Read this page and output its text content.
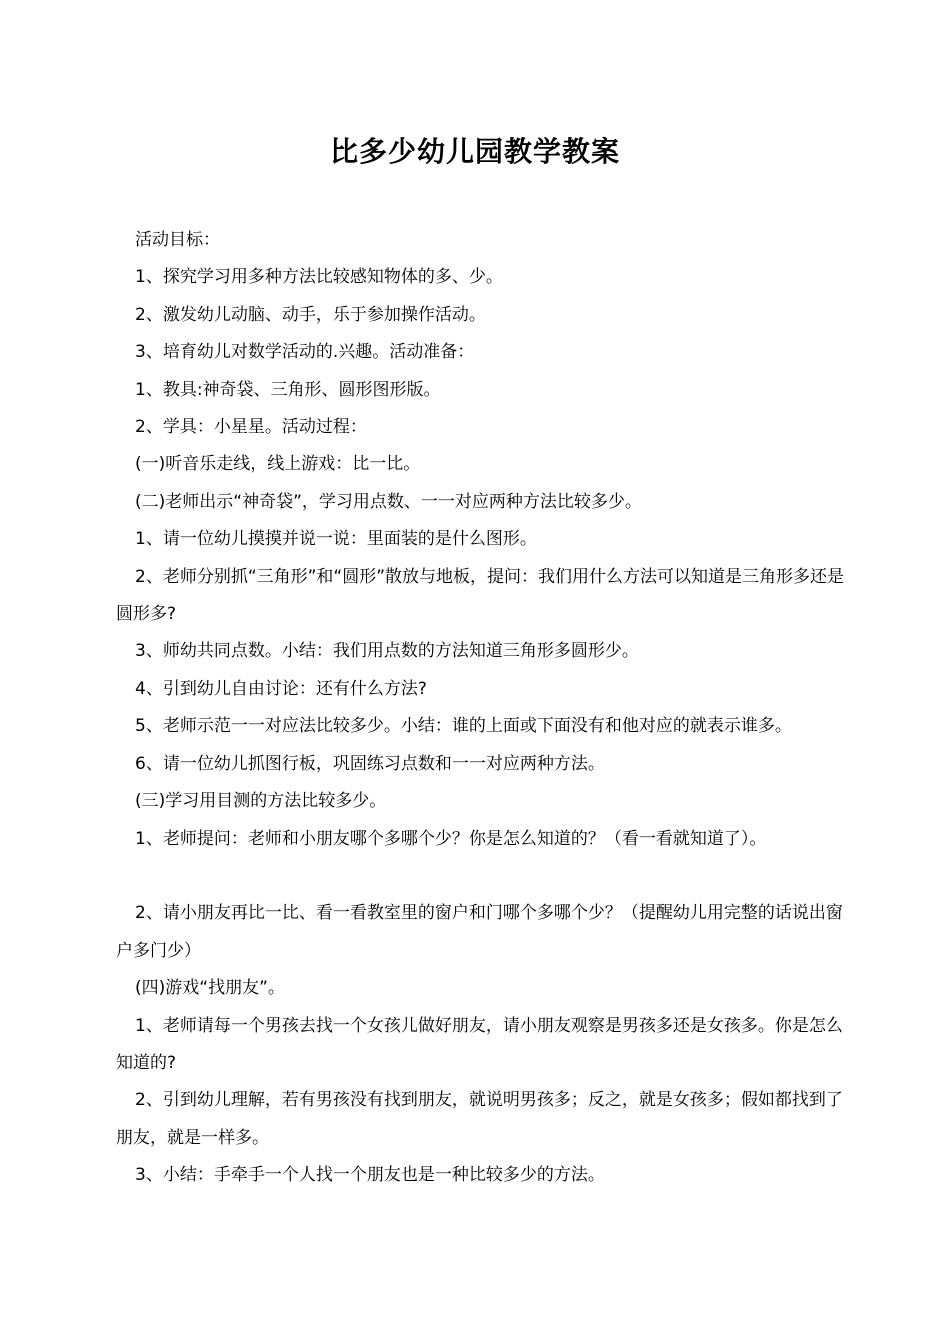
比多少幼儿园教学教案

活动目标：

1、探究学习用多种方法比较感知物体的多、少。

2、激发幼儿动脑、动手，乐于参加操作活动。

3、培育幼儿对数学活动的.兴趣。活动准备：

1、教具:神奇袋、三角形、圆形图形版。

2、学具：小星星。活动过程：

(一)听音乐走线，线上游戏：比一比。

(二)老师出示“神奇袋”，学习用点数、一一对应两种方法比较多少。

1、请一位幼儿摸摸并说一说：里面装的是什么图形。

2、老师分别抓“三角形”和“圆形”散放与地板，提问：我们用什么方法可以知道是三角形多还是圆形多?

3、师幼共同点数。小结：我们用点数的方法知道三角形多圆形少。

4、引到幼儿自由讨论：还有什么方法?

5、老师示范一一对应法比较多少。小结：谁的上面或下面没有和他对应的就表示谁多。

6、请一位幼儿抓图行板，巩固练习点数和一一对应两种方法。

(三)学习用目测的方法比较多少。

1、老师提问：老师和小朋友哪个多哪个少？你是怎么知道的？（看一看就知道了）。

2、请小朋友再比一比、看一看教室里的窗户和门哪个多哪个少？（提醒幼儿用完整的话说出窗户多门少）

(四)游戏“找朋友”。

1、老师请每一个男孩去找一个女孩儿做好朋友，请小朋友观察是男孩多还是女孩多。你是怎么知道的?

2、引到幼儿理解，若有男孩没有找到朋友，就说明男孩多；反之，就是女孩多；假如都找到了朋友，就是一样多。

3、小结：手牵手一个人找一个朋友也是一种比较多少的方法。
